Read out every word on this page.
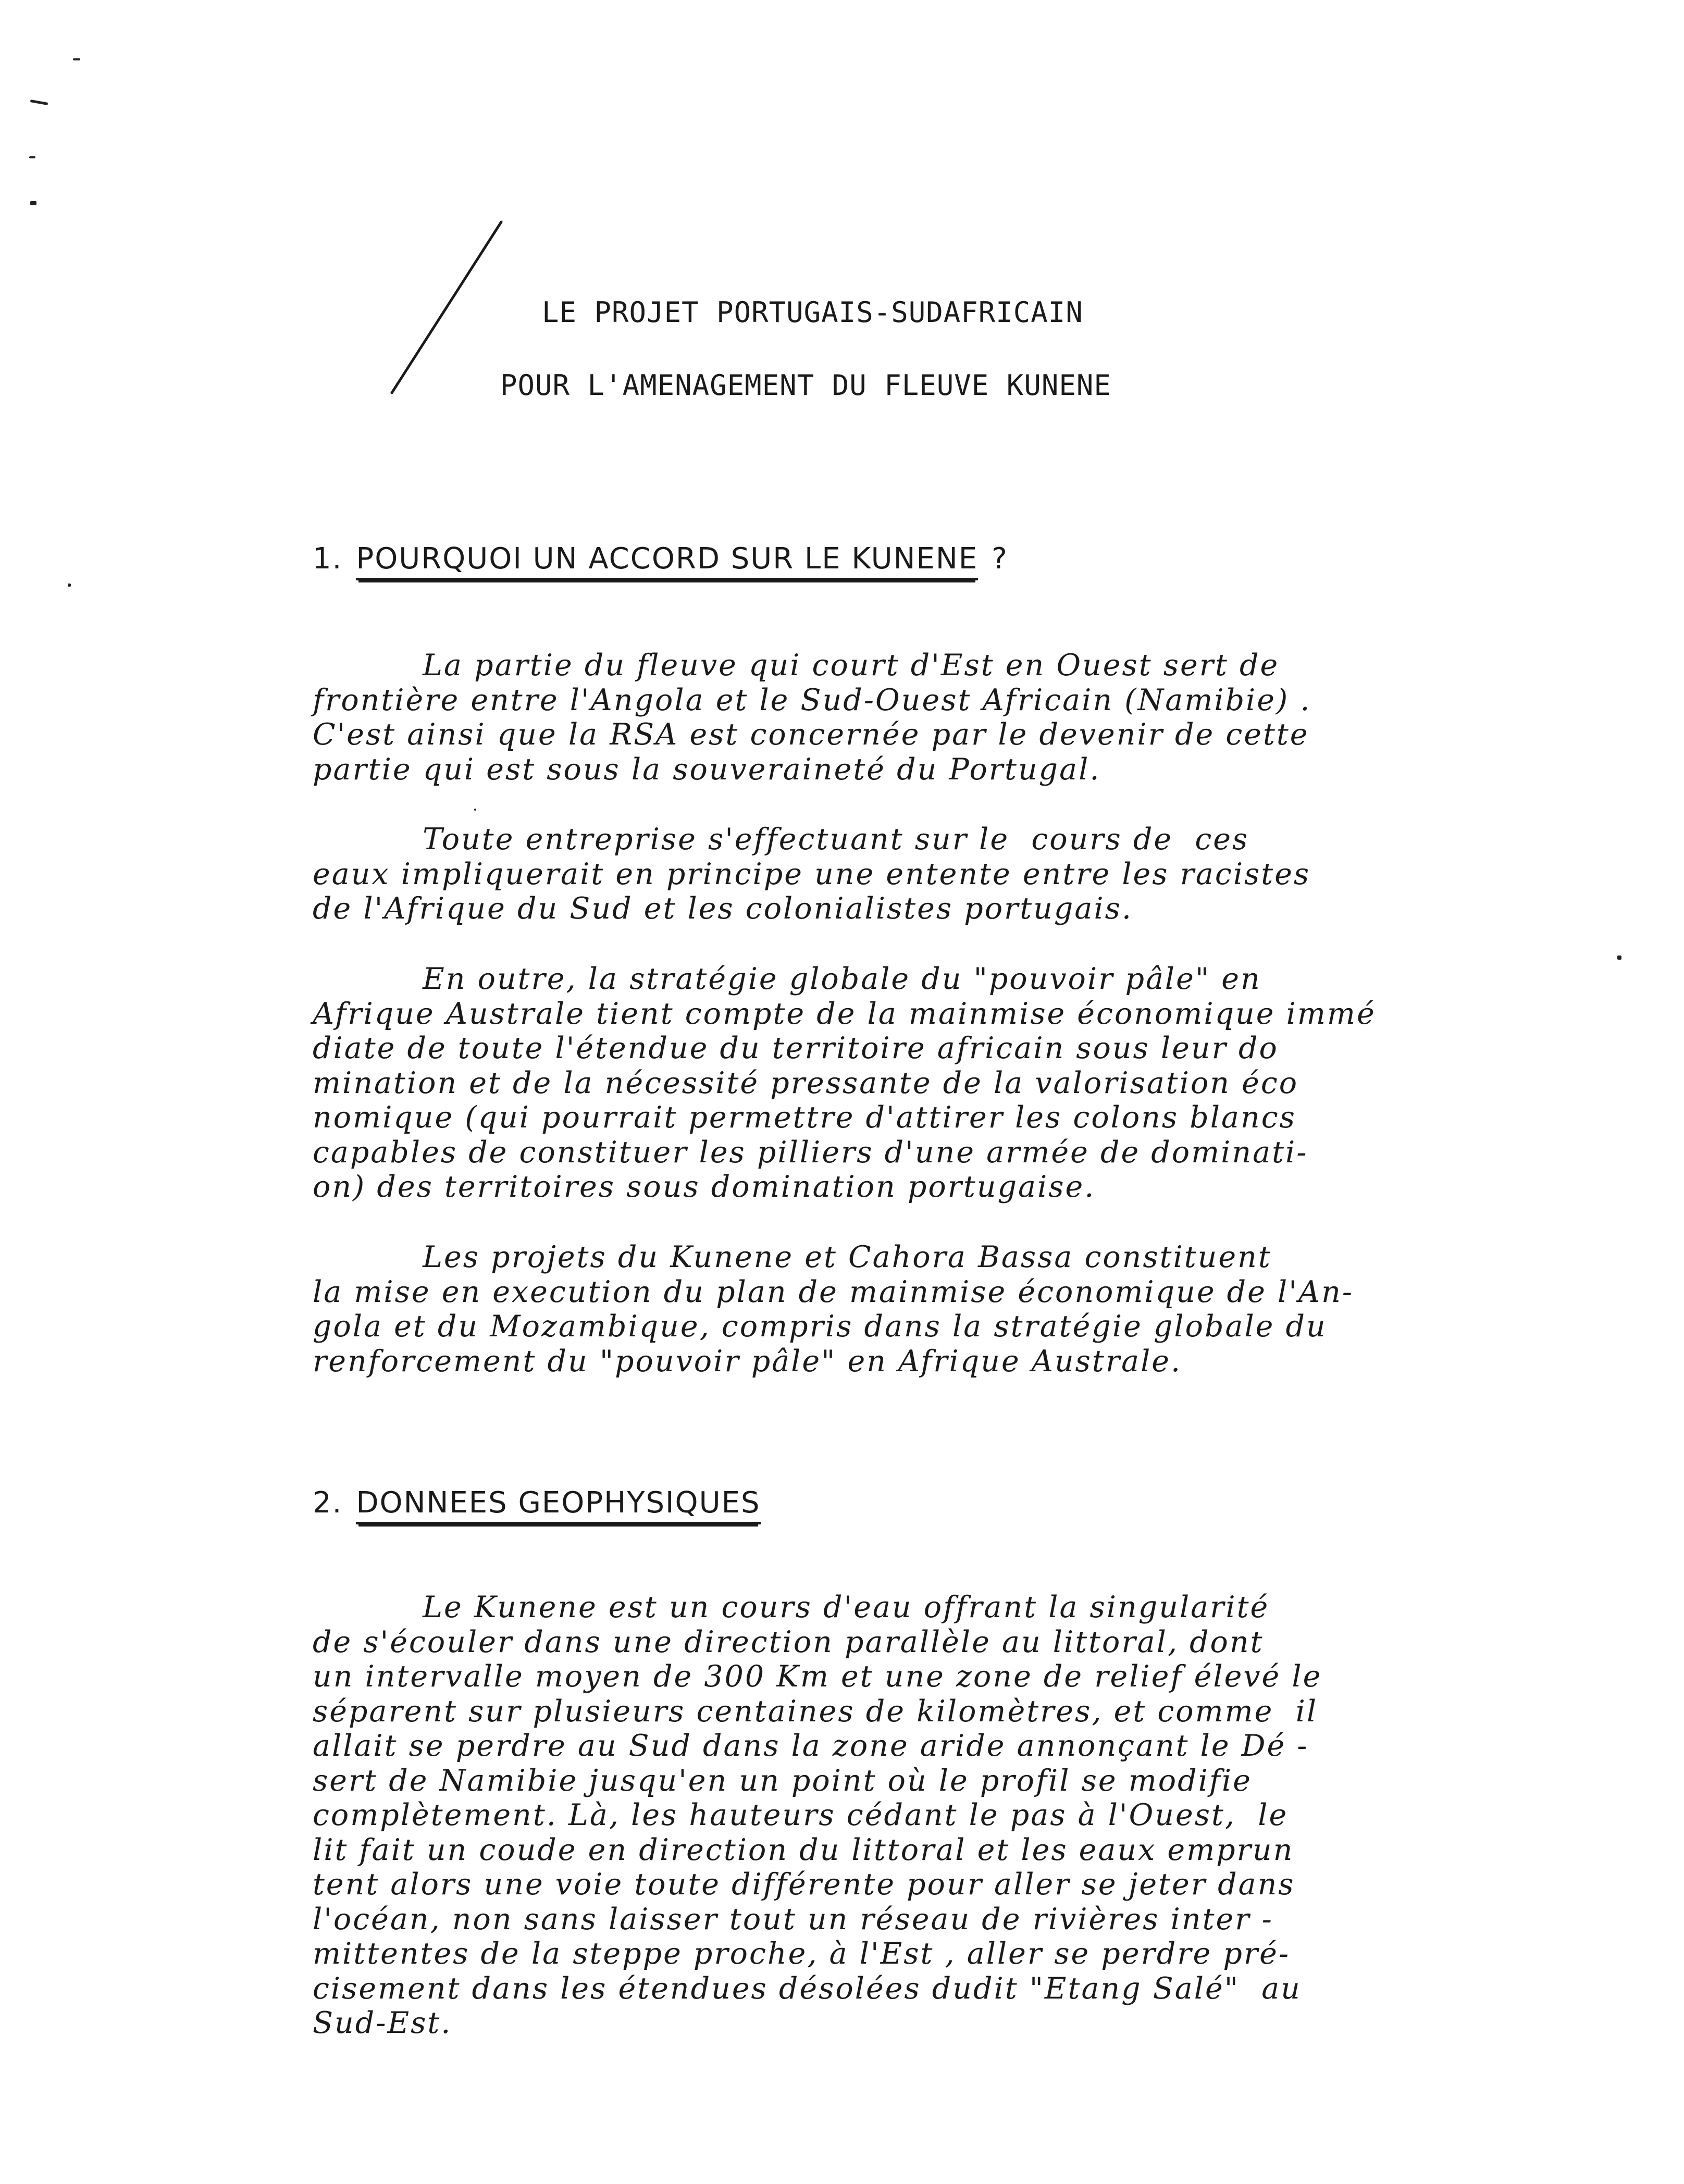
LE PROJET PORTUGAIS-SUDAFRICAIN
POUR L'AMENAGEMENT DU FLEUVE KUNENE
1. POURQUOI UN ACCORD SUR LE KUNENE ?

La partie du fleuve qui court d'Est en Ouest sert de
frontière entre l'Angola et le Sud-Ouest Africain (Namibie) .
C'est ainsi que la RSA est concernée par le devenir de cette
partie qui est sous la souveraineté du Portugal.

Toute entreprise s'effectuant sur le  cours de  ces
eaux impliquerait en principe une entente entre les racistes
de l'Afrique du Sud et les colonialistes portugais.

En outre, la stratégie globale du "pouvoir pâle" en
Afrique Australe tient compte de la mainmise économique immé
diate de toute l'étendue du territoire africain sous leur do
mination et de la nécessité pressante de la valorisation éco
nomique (qui pourrait permettre d'attirer les colons blancs
capables de constituer les pilliers d'une armée de dominati-
on) des territoires sous domination portugaise.

Les projets du Kunene et Cahora Bassa constituent
la mise en execution du plan de mainmise économique de l'An-
gola et du Mozambique, compris dans la stratégie globale du
renforcement du "pouvoir pâle" en Afrique Australe.

2. DONNEES GEOPHYSIQUES

Le Kunene est un cours d'eau offrant la singularité
de s'écouler dans une direction parallèle au littoral, dont
un intervalle moyen de 300 Km et une zone de relief élevé le
séparent sur plusieurs centaines de kilomètres, et comme  il
allait se perdre au Sud dans la zone aride annonçant le Dé -
sert de Namibie jusqu'en un point où le profil se modifie
complètement. Là, les hauteurs cédant le pas à l'Ouest,  le
lit fait un coude en direction du littoral et les eaux emprun
tent alors une voie toute différente pour aller se jeter dans
l'océan, non sans laisser tout un réseau de rivières inter -
mittentes de la steppe proche, à l'Est , aller se perdre pré-
cisement dans les étendues désolées dudit "Etang Salé"  au
Sud-Est.
